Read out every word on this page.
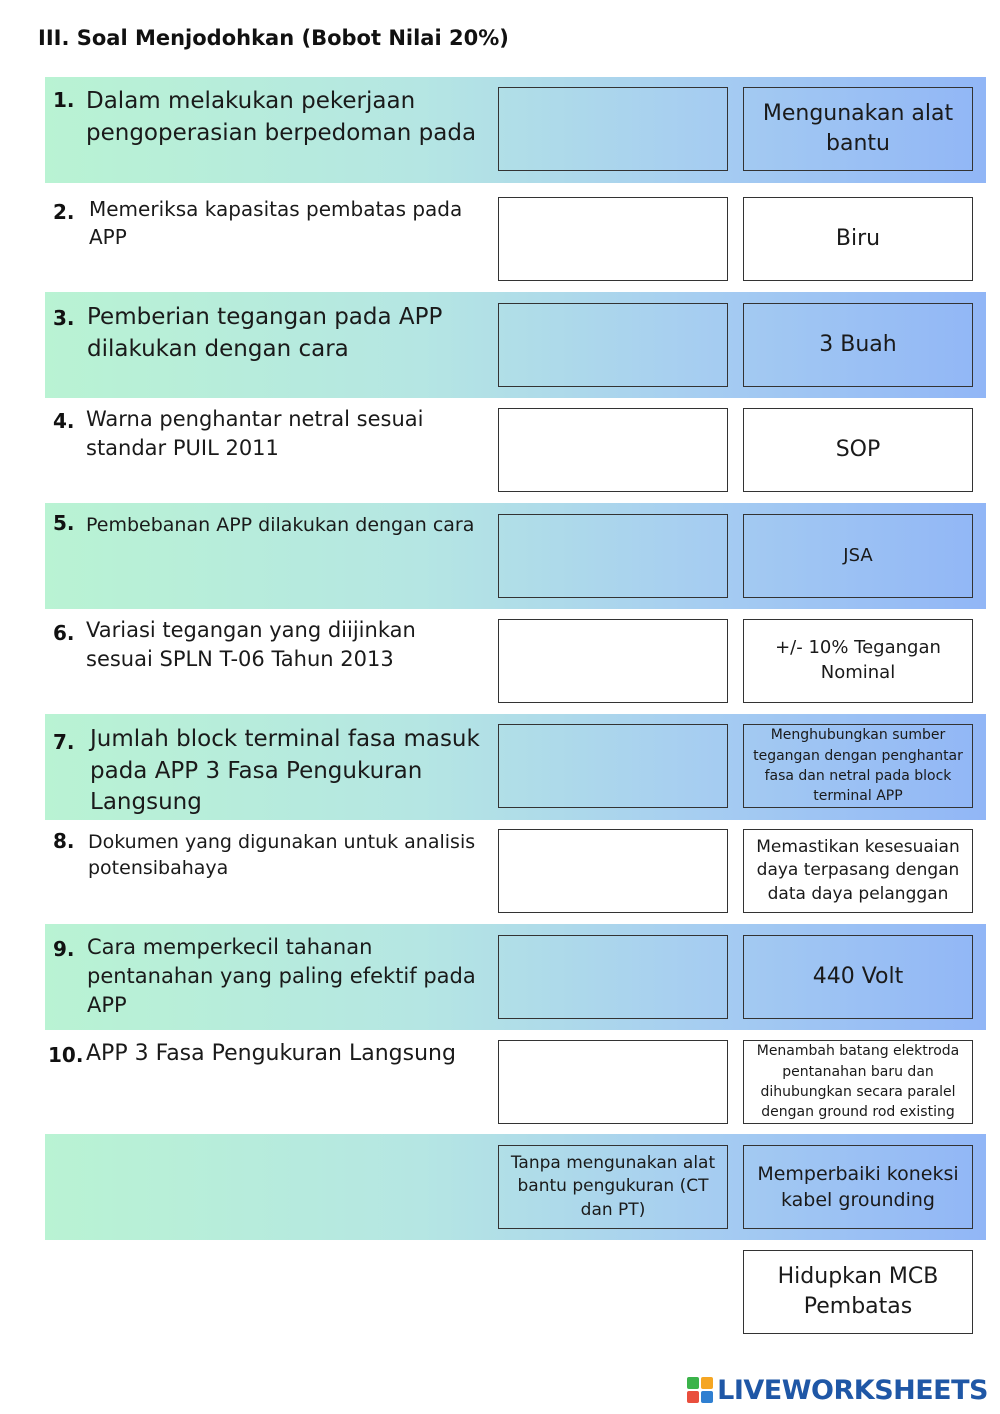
III. Soal Menjodohkan (Bobot Nilai 20%)
1. Dalam melakukan pekerjaan pengoperasian berpedoman pada
2. Memeriksa kapasitas pembatas pada APP
3. Pemberian tegangan pada APP dilakukan dengan cara
4. Warna penghantar netral sesuai standar PUIL 2011
5. Pembebanan APP dilakukan dengan cara
6. Variasi tegangan yang diijinkan sesuai SPLN T-06 Tahun 2013
7. Jumlah block terminal fasa masuk pada APP 3 Fasa Pengukuran Langsung
8. Dokumen yang digunakan untuk analisis potensibahaya
9. Cara memperkecil tahanan pentanahan yang paling efektif pada APP
10. APP 3 Fasa Pengukuran Langsung
Mengunakan alat bantu
Biru
3 Buah
SOP
JSA
+/- 10% Tegangan Nominal
Menghubungkan sumber tegangan dengan penghantar fasa dan netral pada block terminal APP
Memastikan kesesuaian daya terpasang dengan data daya pelanggan
440 Volt
Menambah batang elektroda pentanahan baru dan dihubungkan secara paralel dengan ground rod existing
Tanpa mengunakan alat bantu pengukuran (CT dan PT)
Memperbaiki koneksi kabel grounding
Hidupkan MCB Pembatas
LIVEWORKSHEETS
